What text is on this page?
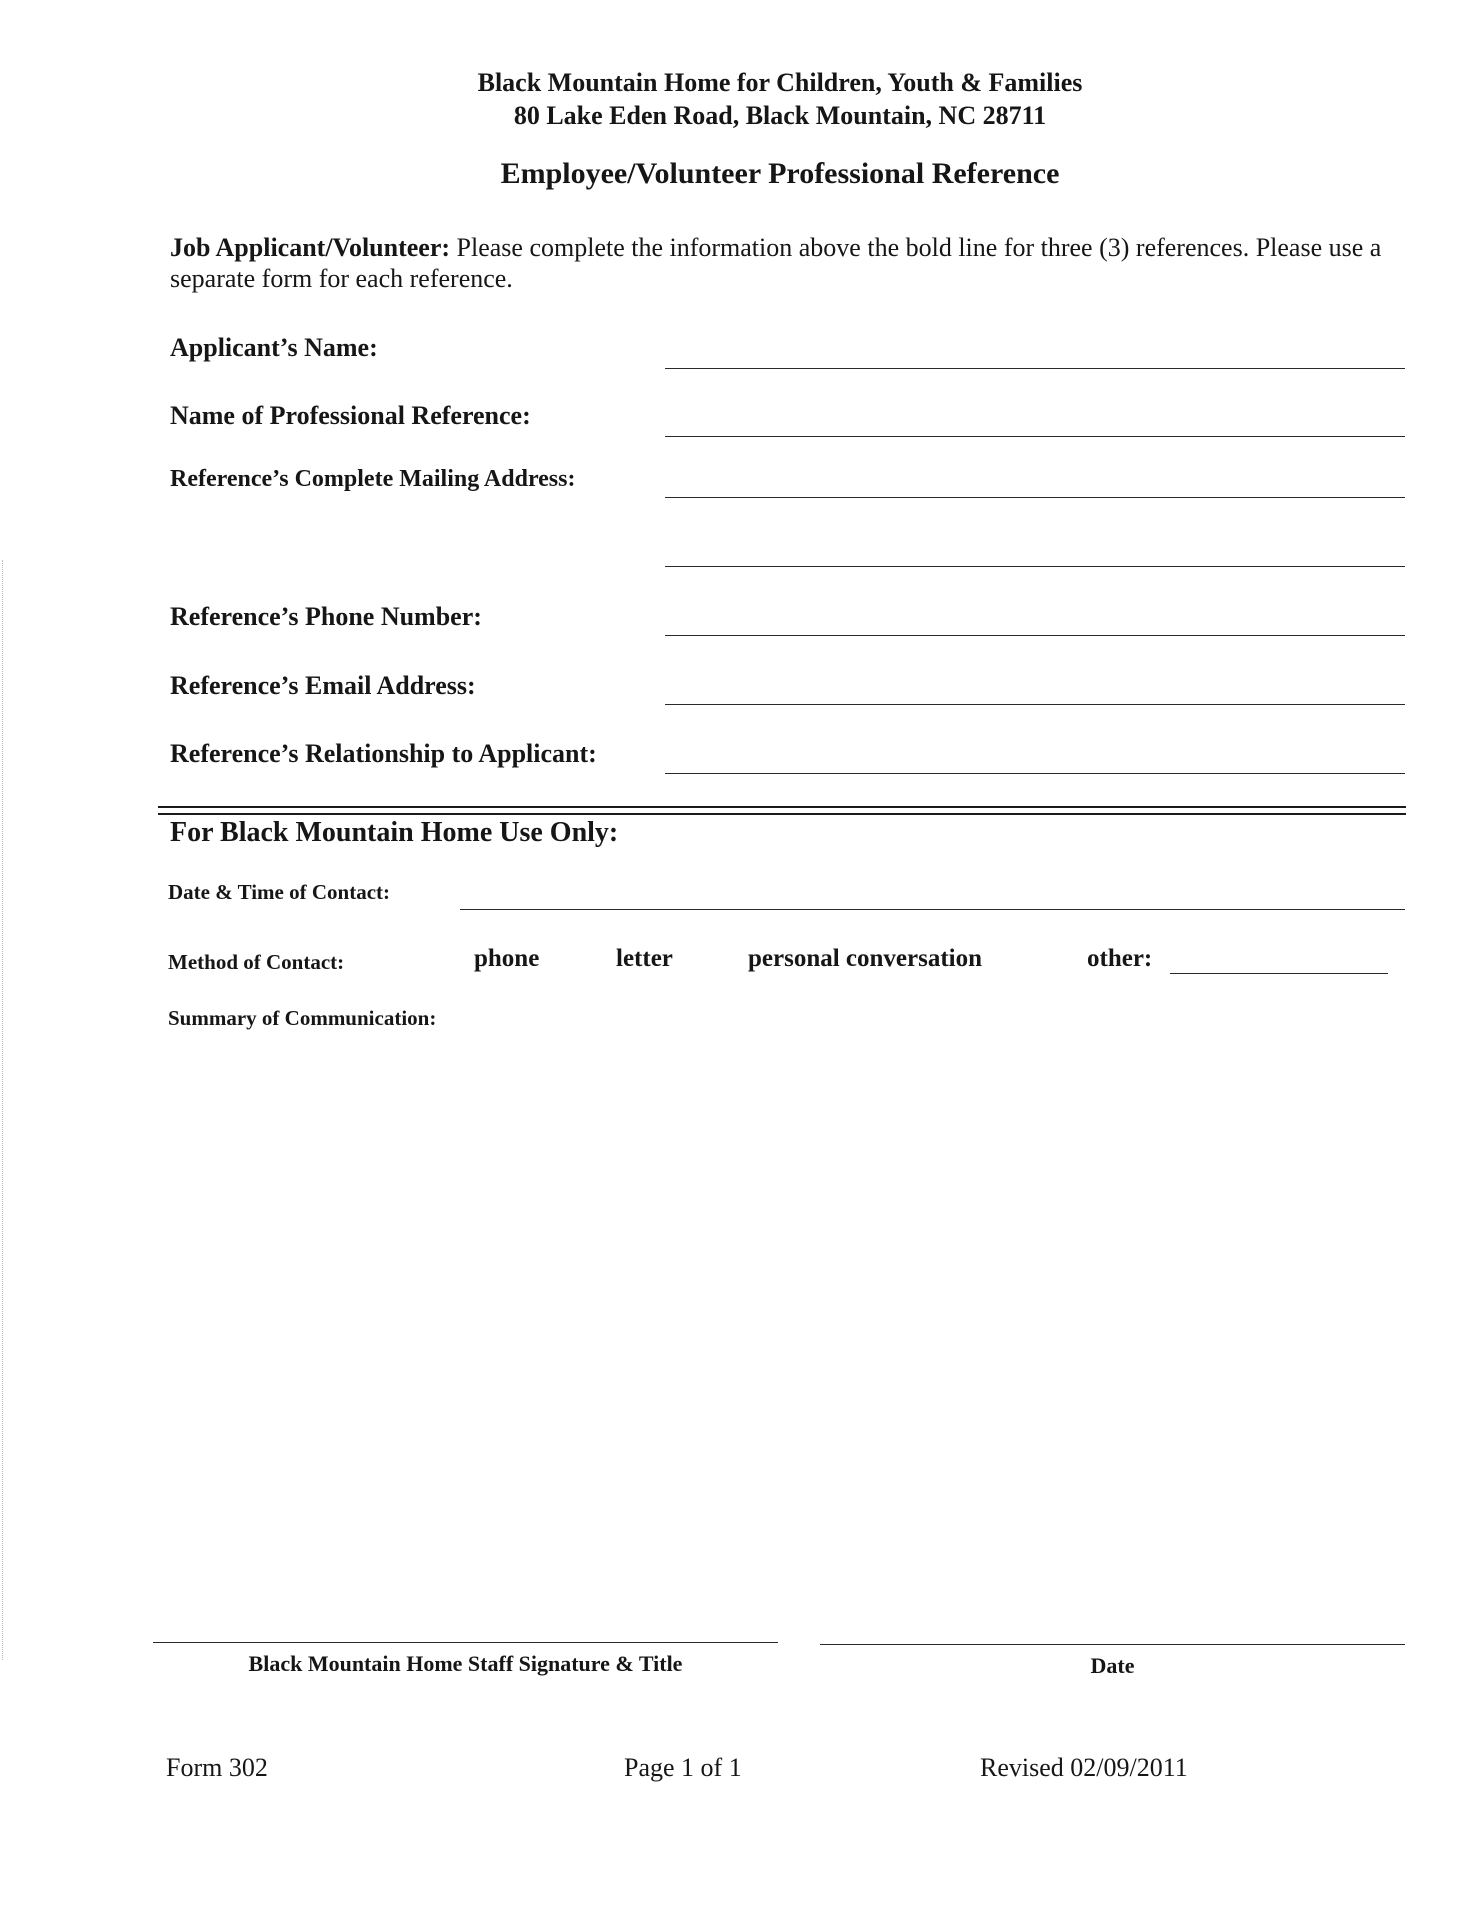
Black Mountain Home for Children, Youth & Families
80 Lake Eden Road, Black Mountain, NC 28711
Employee/Volunteer Professional Reference
Job Applicant/Volunteer: Please complete the information above the bold line for three (3) references. Please use a separate form for each reference.
Applicant’s Name:
Name of Professional Reference:
Reference’s Complete Mailing Address:
Reference’s Phone Number:
Reference’s Email Address:
Reference’s Relationship to Applicant:
For Black Mountain Home Use Only:
Date & Time of Contact:
Method of Contact:	phone	letter	personal conversation	other:
Summary of Communication:
Black Mountain Home Staff Signature & Title	Date
Form 302	Page 1 of 1	Revised 02/09/2011
